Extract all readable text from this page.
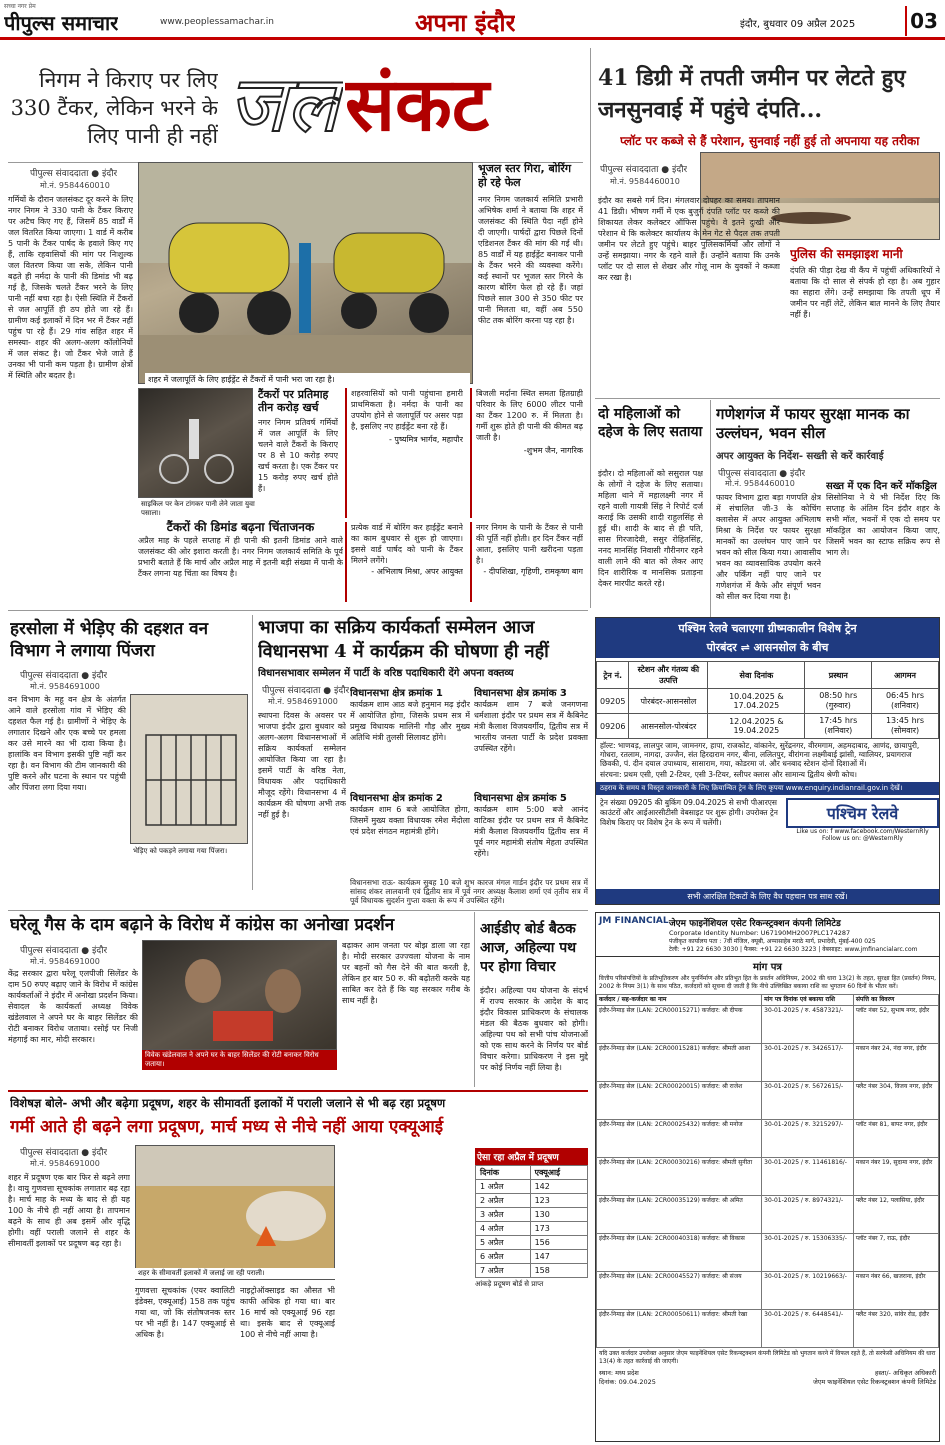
सच्चा नगर प्रेम
पीपुल्स समाचार	www.peoplessamachar.in	अपना इंदौर	इंदौर, बुधवार 09 अप्रैल 2025	03
निगम ने किराए पर लिए 330 टैंकर, लेकिन भरने के लिए पानी ही नहीं जल संकट
पीपुल्स संवाददाता ● इंदौर
मो.नं. 9584460010
गर्मियों के दौरान जलसंकट दूर करने के लिए नगर निगम ने 330 पानी के टैंकर किराए पर अटैच किए गए हैं, जिसमें 85 वार्डों में जल वितरित किया जाएगा। 1 वार्ड में करीब 5 पानी के टैंकर पार्षद के हवाले किए गए हैं, ताकि रहवासियों की मांग पर निःशुल्क जल वितरण किया जा सके, लेकिन पानी बढ़ते ही नर्मदा के पानी की डिमांड भी बढ़ गई है, जिसके चलते टैंकर भरने के लिए पानी नहीं बचा रहा है। ऐसी स्थिति में टैंकरों से जल आपूर्ति ही ठप होते जा रहे हैं। ग्रामीण कई इलाकों में दिन भर में टैंकर नहीं पहुंच पा रहे हैं। 29 गांव सहित शहर में समस्या- शहर की अलग-अलग कॉलोनियों में जल संकट है। जो टैंकर भेजे जाते हैं उनका भी पानी कम पड़ता है। ग्रामीण क्षेत्रों में स्थिति और बदतर है।	शहर में जलापूर्ति के लिए हाईड्रेंट से टैंकरों में पानी भरा जा रहा है।
भूजल स्तर गिरा, बोरिंग हो रहे फेल
नगर निगम जलकार्य समिति प्रभारी अभिषेक शर्मा ने बताया कि शहर में जलसंकट की स्थिति पैदा नहीं होने दी जाएगी। पार्षदों द्वारा पिछले दिनों एडिशनल टैंकर की मांग की गई थी। 85 वार्डों में यह हाईड्रेंट बनाकर पानी के टैंकर भरने की व्यवस्था करेंगे। कई स्थानों पर भूजल स्तर गिरने के कारण बोरिंग फेल हो रहे हैं। जहां पिछले साल 300 से 350 फीट पर पानी मिलता था, वहीं अब 550 फीट तक बोरिंग करना पड़ रहा है।
साइकिल पर केन टांगकर पानी लेने जाता युवा पसाला।
टैंकरों पर प्रतिमाह तीन करोड़ खर्च
नगर निगम प्रतिवर्ष गर्मियों में जल आपूर्ति के लिए चलने वाले टैंकरों के किराए पर 8 से 10 करोड़ रुपए खर्च करता है। एक टैंकर पर 15 करोड़ रुपए खर्च होते हैं।
शहरवासियों को पानी पहुंचाना हमारी प्राथमिकता है। नर्मदा के पानी का उपयोग होने से जलापूर्ति पर असर पड़ा है, इसलिए नए हाईड्रेंट बना रहे हैं।
- पुष्यमित्र भार्गव, महापौर
बिजली मर्दाना स्थित समता हितग्राही परिवार के लिए 6000 लीटर पानी का टैंकर 1200 रु. में मिलता है। गर्मी शुरू होते ही पानी की कीमत बढ़ जाती है।
-शुभम जैन, नागरिक
टैंकरों की डिमांड बढ़ना चिंताजनक
अप्रैल माह के पहले सप्ताह में ही पानी की इतनी डिमांड आने वाले जलसंकट की ओर इशारा करती है। नगर निगम जलकार्य समिति के पूर्व प्रभारी बताते हैं कि मार्च और अप्रैल माह में इतनी बड़ी संख्या में पानी के टैंकर लगना यह चिंता का विषय है।
प्रत्येक वार्ड में बोरिंग कर हाईड्रेंट बनाने का काम बुधवार से शुरू हो जाएगा। इससे वार्ड पार्षद को पानी के टैंकर मिलने लगेंगे।
- अभिलाष मिश्रा, अपर आयुक्त
नगर निगम के पानी के टैंकर से पानी की पूर्ति नहीं होती। हर दिन टैंकर नहीं आता, इसलिए पानी खरीदना पड़ता है।
- दीपशिखा, गृहिणी, रामकृष्ण बाग
41 डिग्री में तपती जमीन पर लेटते हुए जनसुनवाई में पहुंचे दंपति...
प्लॉट पर कब्जे से हैं परेशान, सुनवाई नहीं हुई तो अपनाया यह तरीका
पीपुल्स संवाददाता ● इंदौर
मो.नं. 9584460010
इंदौर का सबसे गर्म दिन। मंगलवार दोपहर का समय। तापमान 41 डिग्री। भीषण गर्मी में एक बुजुर्ग दंपति प्लॉट पर कब्जे की शिकायत लेकर कलेक्टर ऑफिस पहुंचे। वे इतने दुःखी और परेशान थे कि कलेक्टर कार्यालय के मेन गेट से पैदल तक तपती जमीन पर लेटते हुए पहुंचे। बाहर पुलिसकर्मियों और लोगों ने उन्हें समझाया। नगर के रहने वाले हैं। उन्होंने बताया कि उनके प्लॉट पर दो साल से शेखर और गोलू नाम के युवकों ने कब्जा कर रखा है।
पुलिस की समझाइश मानी
दंपति की पीड़ा देख वी कैंप में पहुंचीं अधिकारियों ने बताया कि दो साल से संपर्क हो रहा है। अब गुहार का सहारा लेंगे। उन्हें समझाया कि तपती धूप में जमीन पर नहीं लेटें, लेकिन बात मानने के लिए तैयार नहीं हैं।
दो महिलाओं को दहेज के लिए सताया
इंदौर। दो महिलाओं को ससुराल पक्ष के लोगों ने दहेज के लिए सताया। महिला थाने में महालक्ष्मी नगर में रहने वाली गायत्री सिंह ने रिपोर्ट दर्ज कराई कि उसकी शादी राहुलसिंह से हुई थी। शादी के बाद से ही पति, सास गिरजादेवी, ससुर रोहितसिंह, ननद मानसिंह निवासी गौरीनगर रहने वाली लाने की बात को लेकर आए दिन शारीरिक व मानसिक प्रताड़ना देकर मारपीट करते रहे।
गणेशगंज में फायर सुरक्षा मानक का उल्लंघन, भवन सील
अपर आयुक्त के निर्देश- सख्ती से करें कार्रवाई
पीपुल्स संवाददाता ● इंदौर
मो.नं. 9584460010
फायर विभाग द्वारा बड़ा गणपति क्षेत्र में संचालित जी-3 के कोचिंग क्लासेस में अपर आयुक्त अभिलाष मिश्रा के निर्देश पर फायर सुरक्षा मानकों का उल्लंघन पाए जाने पर भवन को सील किया गया। आवासीय भवन का व्यावसायिक उपयोग करने और पर्किंग नहीं पाए जाने पर गणेशगंज में कैफे और संपूर्ण भवन को सील कर दिया गया है।
सख्त में एक दिन करें मॉकड्रिल
सिसोनिया ने ये भी निर्देश दिए कि सप्ताह के अंतिम दिन इंदौर शहर के सभी मॉल, भवनों में एक दो समय पर मॉकड्रिल का आयोजन किया जाए, जिसमें भवन का स्टाफ सक्रिय रूप से भाग ले।
पश्चिम रेलवे चलाएगा ग्रीष्मकालीन विशेष ट्रेन
पोरबंदर ⇌ आसनसोल के बीच
ट्रेन नं.	स्टेशन और गंतव्य की उत्पत्ति	सेवा दिनांक	प्रस्थान	आगमन
09205	पोरबंदर-आसनसोल	10.04.2025 & 17.04.2025	08:50 hrs (गुरुवार)	06:45 hrs (शनिवार)
09206	आसनसोल-पोरबंदर	12.04.2025 & 19.04.2025	17:45 hrs (शनिवार)	13:45 hrs (सोमवार)
हॉल्ट: भाणवड़, लालपुर जाम, जामनगर, हापा, राजकोट, वांकानेर, सुरेंद्रनगर, वीरमगाम, अहमदाबाद, आणंद, छायापुरी, गोधरा, रतलाम, नागदा, उज्जैन, संत हिरदाराम नगर, बीना, ललितपुर, वीरांगना लक्ष्मीबाई झांसी, ग्वालियर, प्रयागराज छिवकी, पं. दीन दयाल उपाध्याय, सासाराम, गया, कोडरमा जं. और धनबाद स्टेशन दोनों दिशाओं में।
संरचना: प्रथम एसी, एसी 2-टियर, एसी 3-टियर, स्लीपर क्लास और सामान्य द्वितीय श्रेणी कोच।
ठहराव के समय व विस्तृत जानकारी के लिए क्रियान्वित ट्रेन के लिए कृपया www.enquiry.indianrail.gov.in देखें।
ट्रेन संख्या 09205 की बुकिंग 09.04.2025 से सभी पीआरएस काउंटरों और आईआरसीटीसी वेबसाइट पर शुरू होगी। उपरोक्त ट्रेन विशेष किराए पर विशेष ट्रेन के रूप में चलेंगी।	पश्चिम रेलवे
Like us on: f www.facebook.com/WesternRly
Follow us on: @WesternRly
सभी आरक्षित टिकटों के लिए वैध पहचान पत्र साथ रखें।
हरसोला में भेड़िए की दहशत वन विभाग ने लगाया पिंजरा
पीपुल्स संवाददाता ● इंदौर
मो.नं. 9584691000
वन विभाग के महू वन क्षेत्र के अंतर्गत आने वाले हरसोला गांव में भेड़िए की दहशत फैल गई है। ग्रामीणों ने भेड़िए के लगातार दिखने और एक बच्चे पर हमला कर उसे मारने का भी दावा किया है। हालांकि वन विभाग इसकी पुष्टि नहीं कर रहा है। वन विभाग की टीम जानकारी की पुष्टि करने और घटना के स्थान पर पहुंची और पिंजरा लगा दिया गया।
भेड़िए को पकड़ने लगाया गया पिंजरा।
भाजपा का सक्रिय कार्यकर्ता सम्मेलन आज विधानसभा 4 में कार्यक्रम की घोषणा ही नहीं
विधानसभावार सम्मेलन में पार्टी के वरिष्ठ पदाधिकारी देंगे अपना वक्तव्य
पीपुल्स संवाददाता ● इंदौर
मो.नं. 9584691000
स्थापना दिवस के अवसर पर भाजपा इंदौर द्वारा बुधवार को अलग-अलग विधानसभाओं में सक्रिय कार्यकर्ता सम्मेलन आयोजित किया जा रहा है। इसमें पार्टी के वरिष्ठ नेता, विधायक और पदाधिकारी मौजूद रहेंगे। विधानसभा 4 में कार्यक्रम की घोषणा अभी तक नहीं हुई है।
विधानसभा क्षेत्र क्रमांक 1
कार्यक्रम शाम आठ बजे हनुमान मढ़ इंदौर में आयोजित होगा, जिसके प्रथम सत्र में प्रमुख विधायक मालिनी गौड़ और मुख्य अतिथि मंत्री तुलसी सिलावट होंगे।
विधानसभा क्षेत्र क्रमांक 3
कार्यक्रम शाम 7 बजे जनगणना धर्मशाला इंदौर पर प्रथम सत्र में कैबिनेट मंत्री कैलाश विजयवर्गीय, द्वितीय सत्र में भारतीय जनता पार्टी के प्रदेश प्रवक्ता उपस्थित रहेंगे।
विधानसभा क्षेत्र क्रमांक 2
कार्यक्रम शाम 6 बजे आयोजित होगा, जिसमें मुख्य वक्ता विधायक रमेश मेंदोला एवं प्रदेश संगठन महामंत्री होंगे।
विधानसभा क्षेत्र क्रमांक 5
कार्यक्रम शाम 5:00 बजे आनंद वाटिका इंदौर पर प्रथम सत्र में कैबिनेट मंत्री कैलाश विजयवर्गीय द्वितीय सत्र में पूर्व नगर महामंत्री संतोष मेहता उपस्थित रहेंगे।
विधानसभा राऊ- कार्यक्रम सुबह 10 बजे शुभ कारज मंगल गार्डन इंदौर पर प्रथम सत्र में सांसद शंकर लालवानी एवं द्वितीय सत्र में पूर्व नगर अध्यक्ष कैलाश शर्मा एवं तृतीय सत्र में पूर्व विधायक सुदर्शन गुप्ता वक्ता के रूप में उपस्थित रहेंगे।
घरेलू गैस के दाम बढ़ाने के विरोध में कांग्रेस का अनोखा प्रदर्शन
पीपुल्स संवाददाता ● इंदौर
मो.नं. 9584691000
केंद्र सरकार द्वारा घरेलू एलपीजी सिलेंडर के दाम 50 रुपए बढ़ाए जाने के विरोध में कांग्रेस कार्यकर्ताओं ने इंदौर में अनोखा प्रदर्शन किया। सेवादल के कार्यकर्ता अध्यक्ष विवेक खंडेलवाल ने अपने घर के बाहर सिलेंडर की रोटी बनाकर विरोध जताया। रसोई पर निजी मंहगाई का मार, मोदी सरकार।
विवेक खंडेलवाल ने अपने घर के बाहर सिलेंडर की रोटी बनाकर विरोध जताया।
बढ़ाकर आम जनता पर बोझ डाला जा रहा है। मोदी सरकार उज्ज्वला योजना के नाम पर बहनों को गैस देने की बात करती है, लेकिन हर बार 50 रु. की बढ़ोतरी करके यह साबित कर देते हैं कि यह सरकार गरीब के साथ नहीं है।
आईडीए बोर्ड बैठक आज, अहिल्या पथ पर होगा विचार
इंदौर। अहिल्या पथ योजना के संदर्भ में राज्य सरकार के आदेश के बाद इंदौर विकास प्राधिकरण के संचालक मंडल की बैठक बुधवार को होगी। अहिल्या पथ को सभी पांच योजनाओं को एक साथ करने के निर्णय पर बोर्ड विचार करेगा। प्राधिकरण ने इस मुद्दे पर कोई निर्णय नहीं लिया है।
JM FINANCIAL जेएम फाइनेंशियल एसेट रिकन्स्ट्रक्शन कंपनी लिमिटेड
Corporate Identity Number: U67190MH2007PLC174287
पंजीकृत कार्यालय पता : 7वीं मंजिल, क्यूबी, अप्पासाहेब मराठे मार्ग, प्रभादेवी, मुंबई-400 025
टेली: +91 22 6630 3030 | फैक्स: +91 22 6630 3223 | वेबसाइट: www.jmfinancialarc.com
मांग पत्र
वित्तीय परिसंपत्तियों के प्रतिभूतिकरण और पुनर्निर्माण और प्रतिभूत हित के प्रवर्तन अधिनियम, 2002 की धारा 13(2) के तहत, सुरक्षा हित (प्रवर्तन) नियम, 2002 के नियम 3(1) के साथ पठित, कर्जदारों को सूचना दी जाती है कि नीचे उल्लिखित बकाया राशि का भुगतान 60 दिनों के भीतर करें।
कर्जदार / सह-कर्जदार का नाम	मांग पत्र दिनांक एवं बकाया राशि	संपत्ति का विवरण
इंदौर-निमाड़ सेल (LAN: 2CR00015271) कर्जदार: श्री दीपक	30-01-2025 / रु. 4587321/-	प्लॉट नंबर 52, सुभाष नगर, इंदौर
इंदौर-निमाड़ सेल (LAN: 2CR00015281) कर्जदार: श्रीमती आशा	30-01-2025 / रु. 3426517/-	मकान नंबर 24, नंदा नगर, इंदौर
इंदौर-निमाड़ सेल (LAN: 2CR00020015) कर्जदार: श्री राजेश	30-01-2025 / रु. 5672615/-	फ्लैट नंबर 304, विजय नगर, इंदौर
इंदौर-निमाड़ सेल (LAN: 2CR00025432) कर्जदार: श्री मनोज	30-01-2025 / रु. 3215297/-	प्लॉट नंबर 81, बापट नगर, इंदौर
इंदौर-निमाड़ सेल (LAN: 2CR00030216) कर्जदार: श्रीमती सुनीता	30-01-2025 / रु. 11461816/-	मकान नंबर 19, सुदामा नगर, इंदौर
इंदौर-निमाड़ सेल (LAN: 2CR00035129) कर्जदार: श्री अमित	30-01-2025 / रु. 8974321/-	फ्लैट नंबर 12, पलासिया, इंदौर
इंदौर-निमाड़ सेल (LAN: 2CR00040318) कर्जदार: श्री विकास	30-01-2025 / रु. 15306335/-	प्लॉट नंबर 7, राऊ, इंदौर
इंदौर-निमाड़ सेल (LAN: 2CR00045527) कर्जदार: श्री संजय	30-01-2025 / रु. 10219663/-	मकान नंबर 66, खजराना, इंदौर
इंदौर-निमाड़ सेल (LAN: 2CR00050611) कर्जदार: श्रीमती रेखा	30-01-2025 / रु. 6448541/-	फ्लैट नंबर 320, सांवेर रोड, इंदौर
यदि उक्त कर्जदार उपरोक्त अनुसार जेएम फाइनेंशियल एसेट रिकन्स्ट्रक्शन कंपनी लिमिटेड को भुगतान करने में विफल रहते हैं, तो सरफेसी अधिनियम की धारा 13(4) के तहत कार्रवाई की जाएगी।
स्थान: मध्य प्रदेश
दिनांक: 09.04.2025
हस्ता/- अधिकृत अधिकारी
जेएम फाइनेंशियल एसेट रिकन्स्ट्रक्शन कंपनी लिमिटेड
विशेषज्ञ बोले- अभी और बढ़ेगा प्रदूषण, शहर के सीमावर्ती इलाकों में पराली जलाने से भी बढ़ रहा प्रदूषण
गर्मी आते ही बढ़ने लगा प्रदूषण, मार्च मध्य से नीचे नहीं आया एक्यूआई
पीपुल्स संवाददाता ● इंदौर
मो.नं. 9584691000
शहर में प्रदूषण एक बार फिर से बढ़ने लगा है। वायु गुणवत्ता सूचकांक लगातार बढ़ रहा है। मार्च माह के मध्य के बाद से ही यह 100 के नीचे ही नहीं आया है। तापमान बढ़ने के साथ ही अब इसमें और वृद्धि होगी। वहीं पराली जलाने से शहर के सीमावर्ती इलाकों पर प्रदूषण बढ़ रहा है।
गुणवत्ता सूचकांक (एयर क्वालिटी इंडेक्स, एक्यूआई) 158 तक पहुंच गया था, जो कि संतोषजनक स्तर पर भी नहीं है। 147 एक्यूआई से अधिक है।
नाइट्रोऑक्साइड का औसत भी काफी अधिक हो गया था। बार 16 मार्च को एक्यूआई 96 रहा था। इसके बाद से एक्यूआई 100 से नीचे नहीं आया है।
ऐसा रहा अप्रैल में प्रदूषण
दिनांक	एक्यूआई
1 अप्रैल	142
2 अप्रैल	123
3 अप्रैल	130
4 अप्रैल	173
5 अप्रैल	156
6 अप्रैल	147
7 अप्रैल	158
आंकड़े प्रदूषण बोर्ड से प्राप्त
शहर के सीमावर्ती इलाकों में जलाई जा रही पराली।
